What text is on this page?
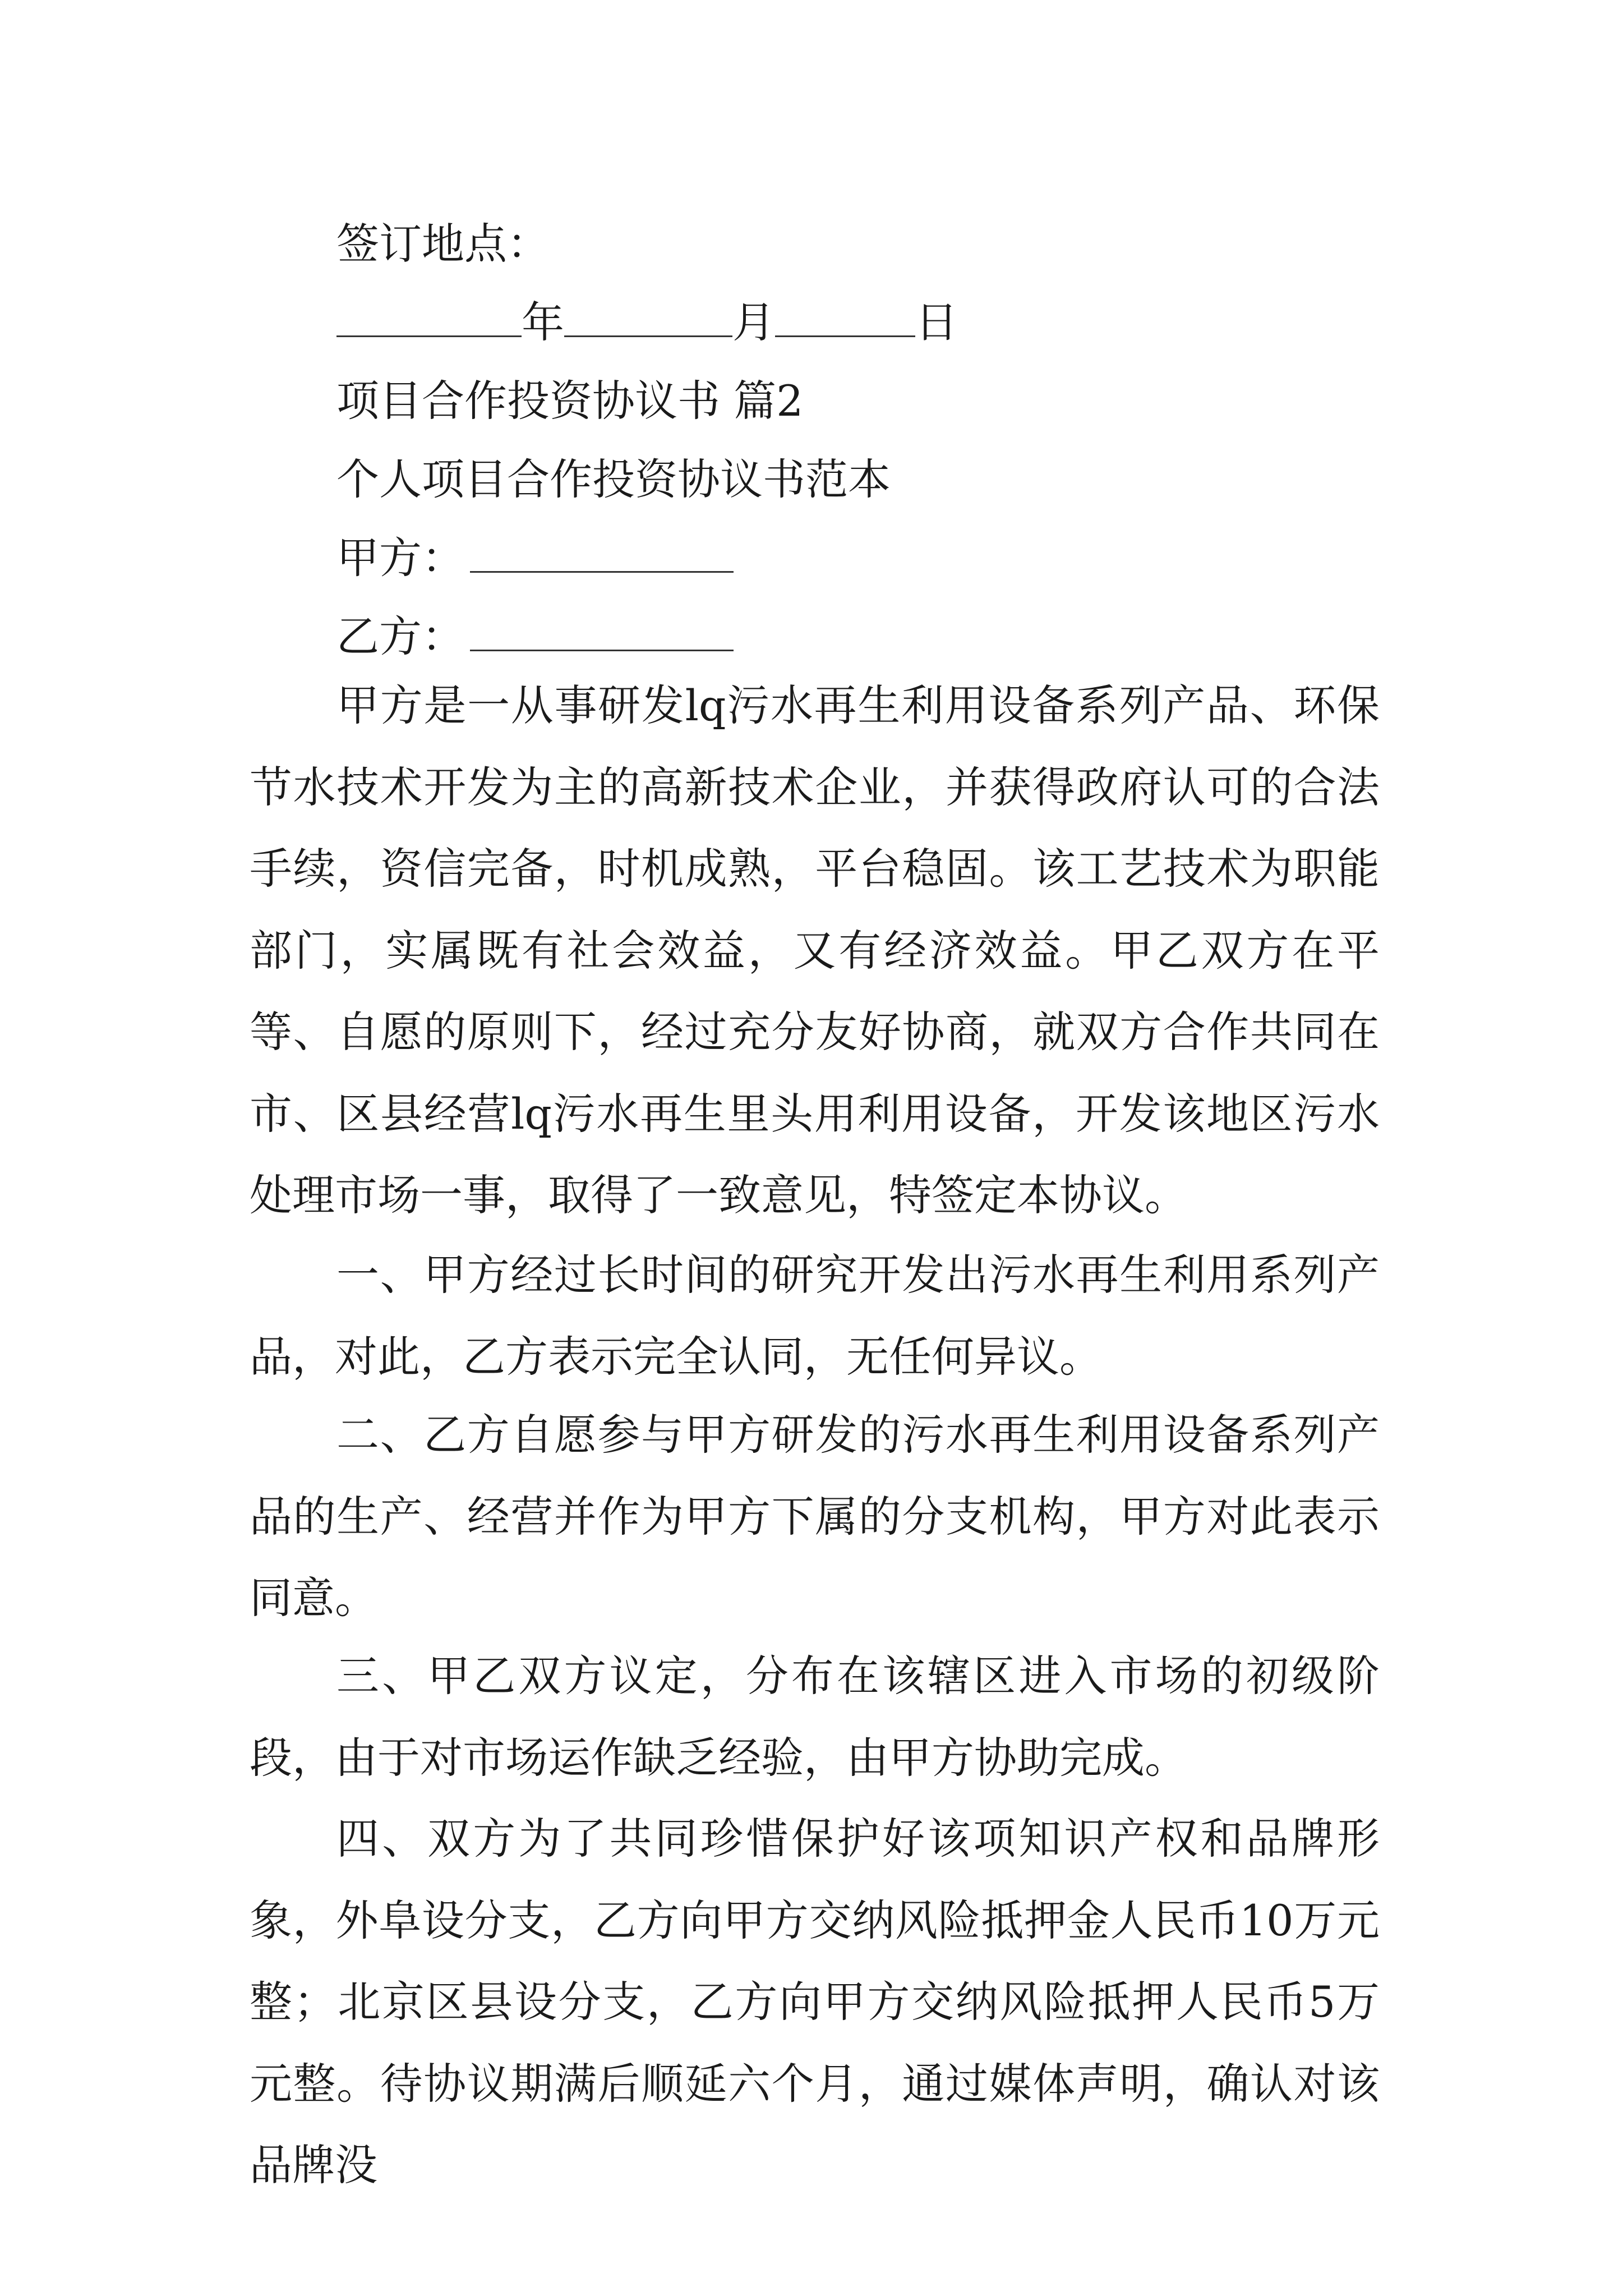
签订地点：
年	月	日
项目合作投资协议书 篇2
个人项目合作投资协议书范本
甲方：
乙方：

甲方是一从事研发lq污水再生利用设备系列产品、环保节水技术开发为主的高新技术企业，并获得政府认可的合法手续，资信完备，时机成熟，平台稳固。该工艺技术为职能部门，实属既有社会效益，又有经济效益。甲乙双方在平等、自愿的原则下，经过充分友好协商，就双方合作共同在市、区县经营lq污水再生里头用利用设备，开发该地区污水处理市场一事，取得了一致意见，特签定本协议。

一、甲方经过长时间的研究开发出污水再生利用系列产品，对此，乙方表示完全认同，无任何异议。

二、乙方自愿参与甲方研发的污水再生利用设备系列产品的生产、经营并作为甲方下属的分支机构，甲方对此表示同意。

三、甲乙双方议定，分布在该辖区进入市场的初级阶段，由于对市场运作缺乏经验，由甲方协助完成。

四、双方为了共同珍惜保护好该项知识产权和品牌形象，外阜设分支，乙方向甲方交纳风险抵押金人民币10万元整；北京区县设分支，乙方向甲方交纳风险抵押人民币5万元整。待协议期满后顺延六个月，通过媒体声明，确认对该品牌没
